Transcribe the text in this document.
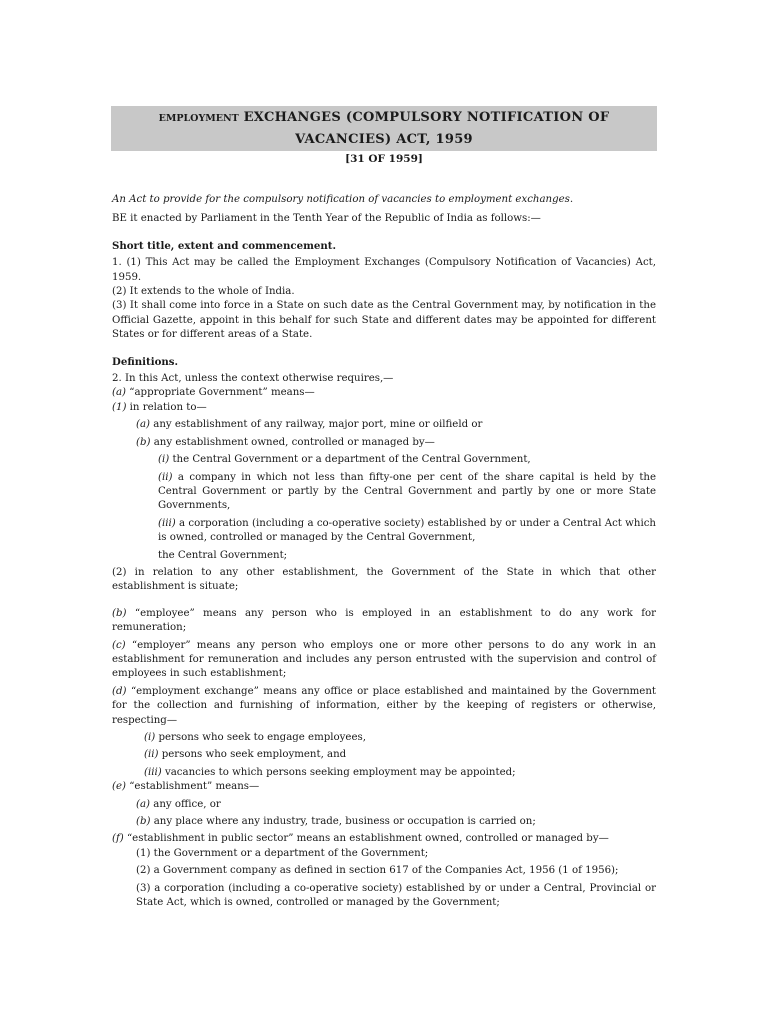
EMPLOYMENT EXCHANGES (COMPULSORY NOTIFICATION OF
VACANCIES) ACT, 1959
[31 OF 1959]

An Act to provide for the compulsory notification of vacancies to employment exchanges.

BE it enacted by Parliament in the Tenth Year of the Republic of India as follows:—

Short title, extent and commencement.

1. (1) This Act may be called the Employment Exchanges (Compulsory Notification of Vacancies) Act, 1959.

(2) It extends to the whole of India.

(3) It shall come into force in a State on such date as the Central Government may, by notification in the Official Gazette, appoint in this behalf for such State and different dates may be appointed for different States or for different areas of a State.

Definitions.

2. In this Act, unless the context otherwise requires,—

(a) “appropriate Government” means—

(1) in relation to—

(a) any establishment of any railway, major port, mine or oilfield or

(b) any establishment owned, controlled or managed by—

(i) the Central Government or a department of the Central Government,

(ii) a company in which not less than fifty-one per cent of the share capital is held by the Central Government or partly by the Central Government and partly by one or more State Governments,

(iii) a corporation (including a co-operative society) established by or under a Central Act which is owned, controlled or managed by the Central Government,

the Central Government;

(2) in relation to any other establishment, the Government of the State in which that other establishment is situate;

(b) “employee” means any person who is employed in an establishment to do any work for remuneration;

(c) “employer” means any person who employs one or more other persons to do any work in an establishment for remuneration and includes any person entrusted with the supervision and control of employees in such establishment;

(d) “employment exchange” means any office or place established and maintained by the Government for the collection and furnishing of information, either by the keeping of registers or otherwise, respecting—

(i) persons who seek to engage employees,

(ii) persons who seek employment, and

(iii) vacancies to which persons seeking employment may be appointed;

(e) “establishment” means—

(a) any office, or

(b) any place where any industry, trade, business or occupation is carried on;

(f) “establishment in public sector” means an establishment owned, controlled or managed by—

(1) the Government or a department of the Government;

(2) a Government company as defined in section 617 of the Companies Act, 1956 (1 of 1956);

(3) a corporation (including a co-operative society) established by or under a Central, Provincial or State Act, which is owned, controlled or managed by the Government;
